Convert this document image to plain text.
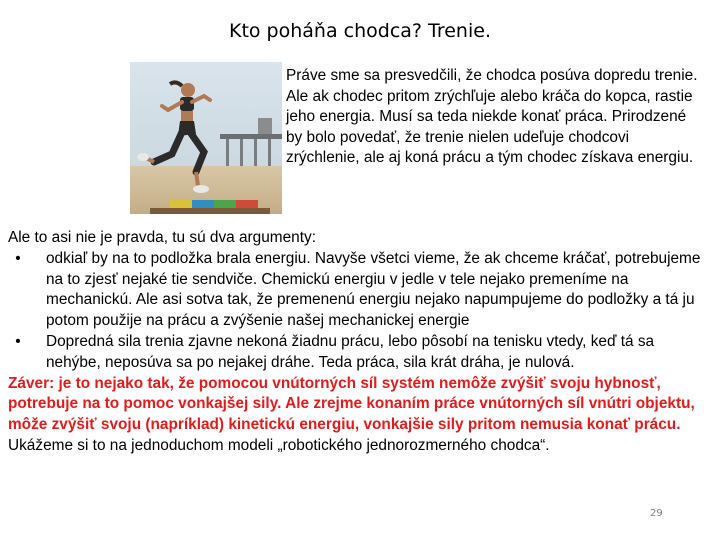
Kto poháňa chodca? Trenie.
Práve sme sa presvedčili, že chodca posúva dopredu trenie. Ale ak chodec pritom zrýchľuje alebo kráča do kopca, rastie jeho energia. Musí sa teda niekde konať práca. Prirodzené by bolo povedať, že trenie nielen udeľuje chodcovi zrýchlenie, ale aj koná prácu a tým chodec získava energiu.
Ale to asi nie je pravda, tu sú dva argumenty:
•	odkiaľ by na to podložka brala energiu. Navyše všetci vieme, že ak chceme kráčať, potrebujeme na to zjesť nejaké tie sendviče. Chemickú energiu v jedle v tele nejako premeníme na mechanickú. Ale asi sotva tak, že premenenú energiu nejako napumpujeme do podložky a tá ju potom použije na prácu a zvýšenie našej mechanickej energie
•	Dopredná sila trenia zjavne nekoná žiadnu prácu, lebo pôsobí na tenisku vtedy, keď tá sa nehýbe, neposúva sa po nejakej dráhe. Teda práca, sila krát dráha, je nulová.
Záver: je to nejako tak, že pomocou vnútorných síl systém nemôže zvýšiť svoju hybnosť, potrebuje na to pomoc vonkajšej sily. Ale zrejme konaním práce vnútorných síl vnútri objektu, môže zvýšiť svoju (napríklad) kinetickú energiu, vonkajšie sily pritom nemusia konať prácu. Ukážeme si to na jednoduchom modeli „robotického jednorozmerného chodca“.
29
